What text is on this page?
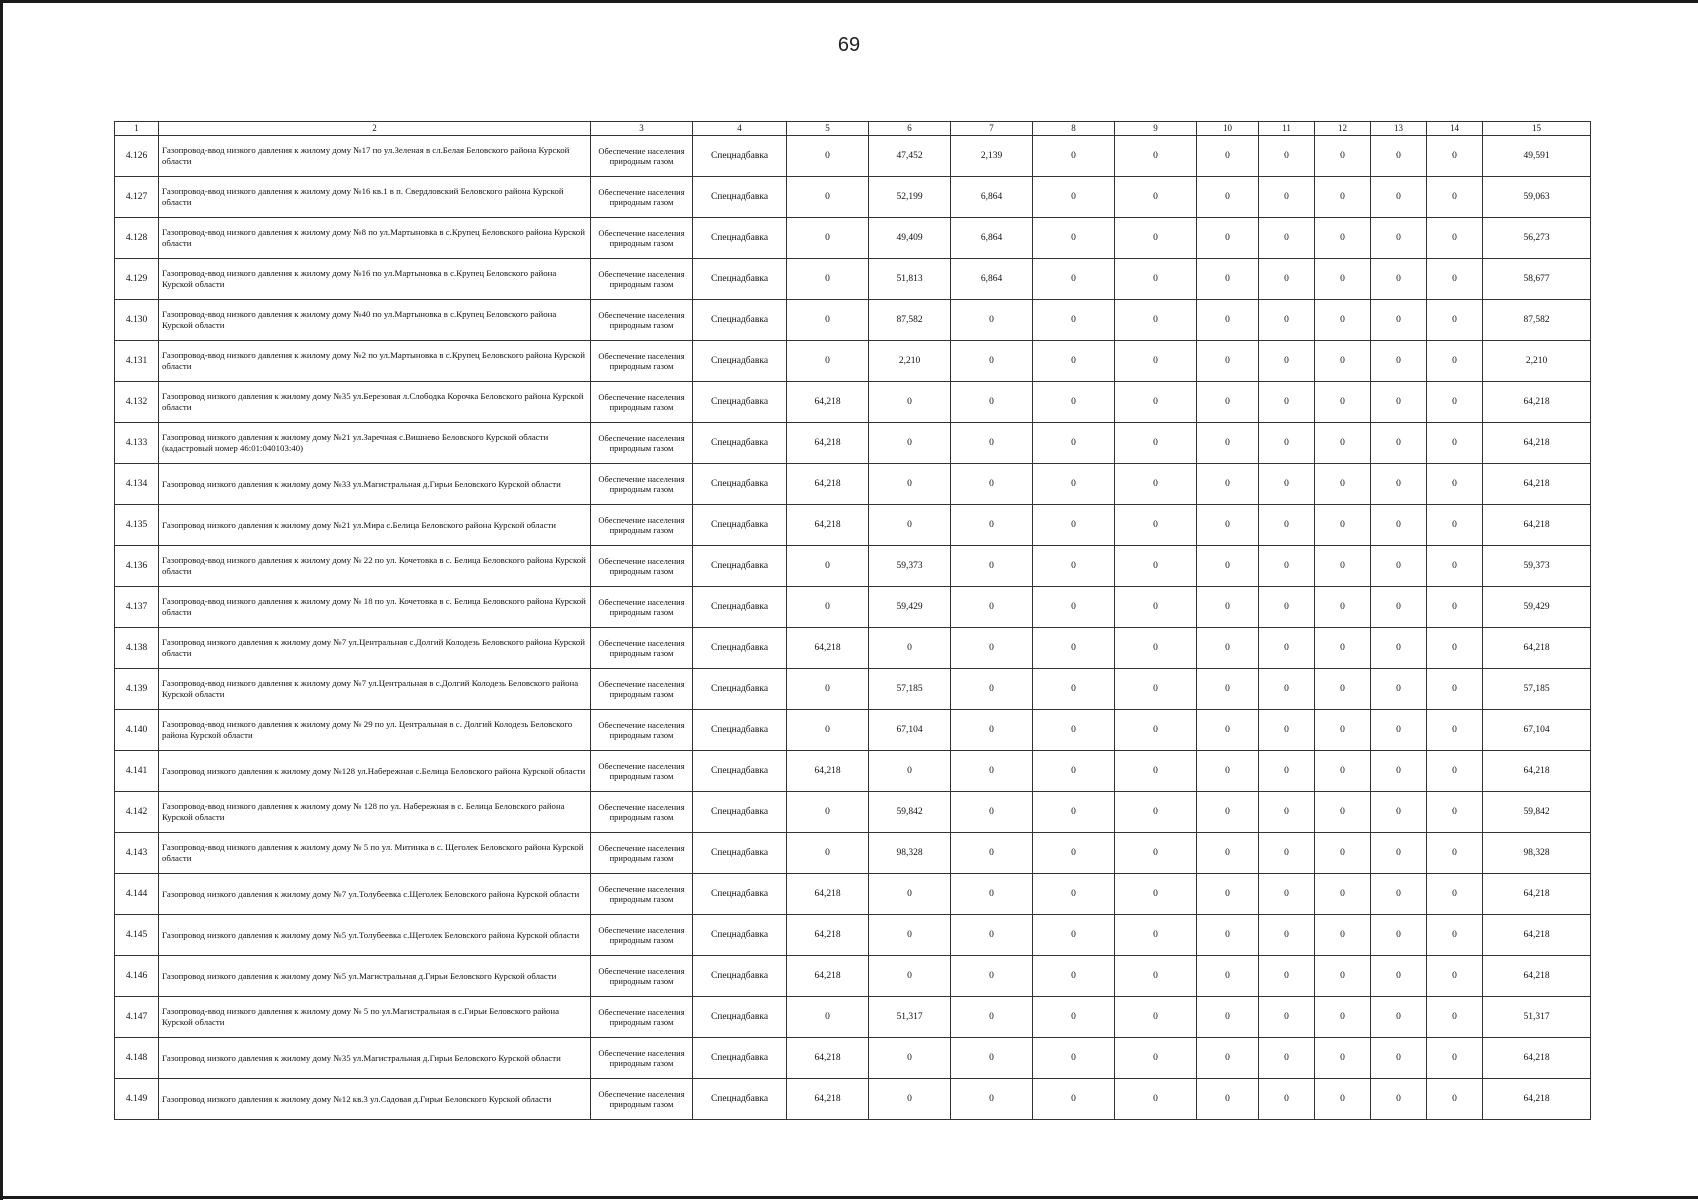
69
1	2	3	4	5	6	7	8	9	10	11	12	13	14	15
4.126	Газопровод-ввод низкого давления к жилому дому №17 по ул.Зеленая в сл.Белая Беловского района Курской области	Обеспечение населения природным газом	Спецнадбавка	0	47,452	2,139	0	0	0	0	0	0	0	49,591
4.127	Газопровод-ввод низкого давления к жилому дому №16 кв.1 в п. Свердловский Беловского района Курской области	Обеспечение населения природным газом	Спецнадбавка	0	52,199	6,864	0	0	0	0	0	0	0	59,063
4.128	Газопровод-ввод низкого давления к жилому дому №8 по ул.Мартыновка в с.Крупец Беловского района Курской области	Обеспечение населения природным газом	Спецнадбавка	0	49,409	6,864	0	0	0	0	0	0	0	56,273
4.129	Газопровод-ввод низкого давления к жилому дому №16 по ул.Мартыновка в с.Крупец Беловского района Курской области	Обеспечение населения природным газом	Спецнадбавка	0	51,813	6,864	0	0	0	0	0	0	0	58,677
4.130	Газопровод-ввод низкого давления к жилому дому №40 по ул.Мартыновка в с.Крупец Беловского района Курской области	Обеспечение населения природным газом	Спецнадбавка	0	87,582	0	0	0	0	0	0	0	0	87,582
4.131	Газопровод-ввод низкого давления к жилому дому №2 по ул.Мартыновка в с.Крупец Беловского района Курской области	Обеспечение населения природным газом	Спецнадбавка	0	2,210	0	0	0	0	0	0	0	0	2,210
4.132	Газопровод низкого давления к жилому дому №35 ул.Березовая л.Слободка Корочка Беловского района Курской области	Обеспечение населения природным газом	Спецнадбавка	64,218	0	0	0	0	0	0	0	0	0	64,218
4.133	Газопровод низкого давления к жилому дому №21 ул.Заречная с.Вишнево Беловского Курской области (кадастровый номер 46:01:040103:40)	Обеспечение населения природным газом	Спецнадбавка	64,218	0	0	0	0	0	0	0	0	0	64,218
4.134	Газопровод низкого давления к жилому дому №33 ул.Магистральная д.Гирьи Беловского Курской области	Обеспечение населения природным газом	Спецнадбавка	64,218	0	0	0	0	0	0	0	0	0	64,218
4.135	Газопровод низкого давления к жилому дому №21 ул.Мира с.Белица Беловского района Курской области	Обеспечение населения природным газом	Спецнадбавка	64,218	0	0	0	0	0	0	0	0	0	64,218
4.136	Газопровод-ввод низкого давления к жилому дому № 22 по ул. Кочетовка в с. Белица Беловского района Курской области	Обеспечение населения природным газом	Спецнадбавка	0	59,373	0	0	0	0	0	0	0	0	59,373
4.137	Газопровод-ввод низкого давления к жилому дому № 18 по ул. Кочетовка в с. Белица Беловского района Курской области	Обеспечение населения природным газом	Спецнадбавка	0	59,429	0	0	0	0	0	0	0	0	59,429
4.138	Газопровод низкого давления к жилому дому №7 ул.Центральная с.Долгий Колодезь Беловского района Курской области	Обеспечение населения природным газом	Спецнадбавка	64,218	0	0	0	0	0	0	0	0	0	64,218
4.139	Газопровод-ввод низкого давления к жилому дому №7 ул.Центральная в с.Долгий Колодезь Беловского района Курской области	Обеспечение населения природным газом	Спецнадбавка	0	57,185	0	0	0	0	0	0	0	0	57,185
4.140	Газопровод-ввод низкого давления к жилому дому № 29 по ул. Центральная в с. Долгий Колодезь Беловского района Курской области	Обеспечение населения природным газом	Спецнадбавка	0	67,104	0	0	0	0	0	0	0	0	67,104
4.141	Газопровод низкого давления к жилому дому №128 ул.Набережная с.Белица Беловского района Курской области	Обеспечение населения природным газом	Спецнадбавка	64,218	0	0	0	0	0	0	0	0	0	64,218
4.142	Газопровод-ввод низкого давления к жилому дому № 128 по ул. Набережная в с. Белица Беловского района Курской области	Обеспечение населения природным газом	Спецнадбавка	0	59,842	0	0	0	0	0	0	0	0	59,842
4.143	Газопровод-ввод низкого давления к жилому дому № 5 по ул. Митинка в с. Щеголек Беловского района Курской области	Обеспечение населения природным газом	Спецнадбавка	0	98,328	0	0	0	0	0	0	0	0	98,328
4.144	Газопровод низкого давления к жилому дому №7 ул.Толубеевка с.Щеголек Беловского района Курской области	Обеспечение населения природным газом	Спецнадбавка	64,218	0	0	0	0	0	0	0	0	0	64,218
4.145	Газопровод низкого давления к жилому дому №5 ул.Толубеевка с.Щеголек Беловского района Курской области	Обеспечение населения природным газом	Спецнадбавка	64,218	0	0	0	0	0	0	0	0	0	64,218
4.146	Газопровод низкого давления к жилому дому №5 ул.Магистральная д.Гирьи Беловского Курской области	Обеспечение населения природным газом	Спецнадбавка	64,218	0	0	0	0	0	0	0	0	0	64,218
4.147	Газопровод-ввод низкого давления к жилому дому № 5 по ул.Магистральная в с.Гирьи Беловского района Курской области	Обеспечение населения природным газом	Спецнадбавка	0	51,317	0	0	0	0	0	0	0	0	51,317
4.148	Газопровод низкого давления к жилому дому №35 ул.Магистральная д.Гирьи Беловского Курской области	Обеспечение населения природным газом	Спецнадбавка	64,218	0	0	0	0	0	0	0	0	0	64,218
4.149	Газопровод низкого давления к жилому дому №12 кв.3 ул.Садовая д.Гирьи Беловского Курской области	Обеспечение населения природным газом	Спецнадбавка	64,218	0	0	0	0	0	0	0	0	0	64,218
